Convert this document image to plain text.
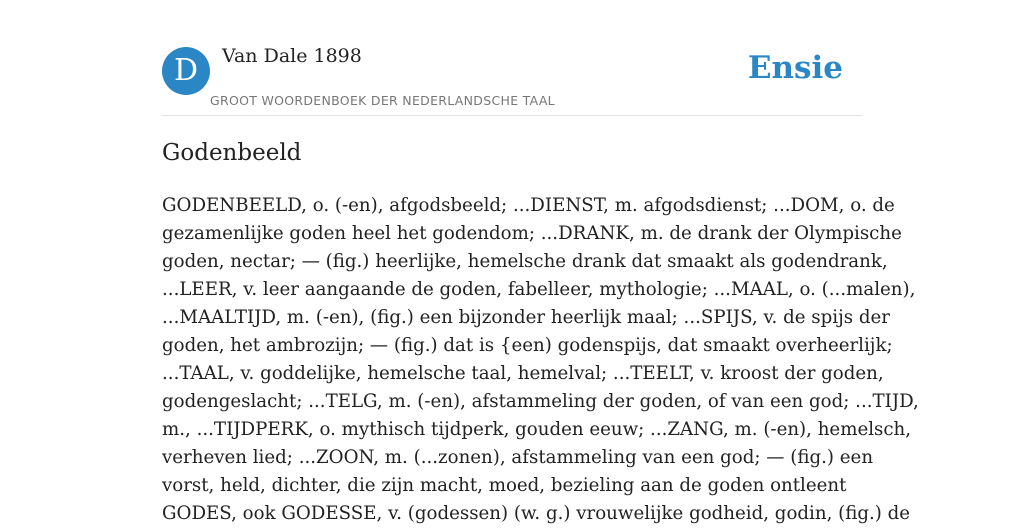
D	Van Dale 1898
GROOT WOORDENBOEK DER NEDERLANDSCHE TAAL
Ensie
Godenbeeld
GODENBEELD, o. (-en), afgodsbeeld; ...DIENST, m. afgodsdienst; ...DOM, o. de
gezamenlijke goden heel het godendom; ...DRANK, m. de drank der Olympische
goden, nectar; — (fig.) heerlijke, hemelsche drank dat smaakt als godendrank,
...LEER, v. leer aangaande de goden, fabelleer, mythologie; ...MAAL, o. (...malen),
...MAALTIJD, m. (-en), (fig.) een bijzonder heerlijk maal; ...SPIJS, v. de spijs der
goden, het ambrozijn; — (fig.) dat is {een) godenspijs, dat smaakt overheerlijk;
...TAAL, v. goddelijke, hemelsche taal, hemelval; ...TEELT, v. kroost der goden,
godengeslacht; ...TELG, m. (-en), afstammeling der goden, of van een god; ...TIJD,
m., ...TIJDPERK, o. mythisch tijdperk, gouden eeuw; ...ZANG, m. (-en), hemelsch,
verheven lied; ...ZOON, m. (...zonen), afstammeling van een god; — (fig.) een
vorst, held, dichter, die zijn macht, moed, bezieling aan de goden ontleent
GODES, ook GODESSE, v. (godessen) (w. g.) vrouwelijke godheid, godin, (fig.) de
